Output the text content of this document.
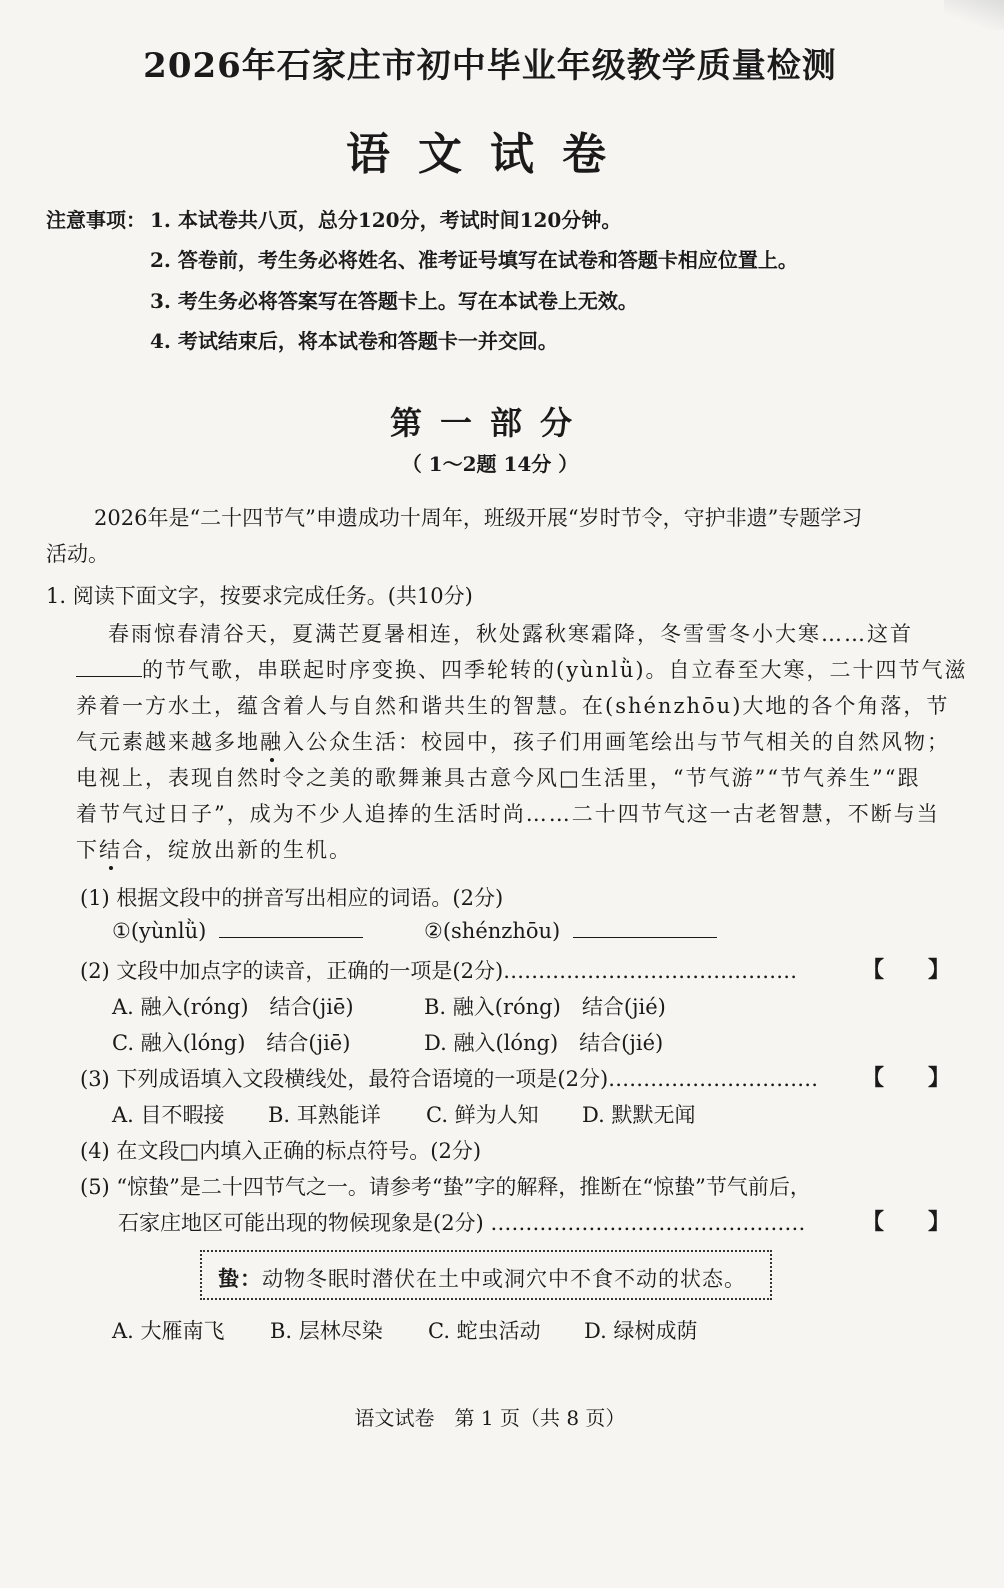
2026年石家庄市初中毕业年级教学质量检测
语文试卷
注意事项： 1. 本试卷共八页，总分120分，考试时间120分钟。
2. 答卷前，考生务必将姓名、准考证号填写在试卷和答题卡相应位置上。
3. 考生务必将答案写在答题卡上。写在本试卷上无效。
4. 考试结束后，将本试卷和答题卡一并交回。
第一部分
（ 1～2题 14分 ）
2026年是“二十四节气”申遗成功十周年，班级开展“岁时节令，守护非遗”专题学习
活动。
1. 阅读下面文字，按要求完成任务。(共10分)
春雨惊春清谷天，夏满芒夏暑相连，秋处露秋寒霜降，冬雪雪冬小大寒……这首
的节气歌，串联起时序变换、四季轮转的(yùnlǜ)。自立春至大寒，二十四节气滋
养着一方水土，蕴含着人与自然和谐共生的智慧。在(shénzhōu)大地的各个角落，节
气元素越来越多地融入公众生活：校园中，孩子们用画笔绘出与节气相关的自然风物；
电视上，表现自然时令之美的歌舞兼具古意今风□生活里，“节气游”“节气养生”“跟
着节气过日子”，成为不少人追捧的生活时尚……二十四节气这一古老智慧，不断与当
下结合，绽放出新的生机。
(1) 根据文段中的拼音写出相应的词语。(2分)
①(yùnlǜ)	②(shénzhōu)
(2) 文段中加点字的读音，正确的一项是(2分)……………………………………	【　　】
A. 融入(róng)　结合(jiē)	B. 融入(róng)　结合(jié)
C. 融入(lóng)　结合(jiē)	D. 融入(lóng)　结合(jié)
(3) 下列成语填入文段横线处，最符合语境的一项是(2分)………………………… 【　　】
A. 目不暇接 B. 耳熟能详 C. 鲜为人知 D. 默默无闻
(4) 在文段□内填入正确的标点符号。(2分)
(5) “惊蛰”是二十四节气之一。请参考“蛰”字的解释，推断在“惊蛰”节气前后，
石家庄地区可能出现的物候现象是(2分) ………………………………………	【　　】
蛰：动物冬眠时潜伏在土中或洞穴中不食不动的状态。
A. 大雁南飞 B. 层林尽染 C. 蛇虫活动 D. 绿树成荫
语文试卷　第 1 页（共 8 页）
